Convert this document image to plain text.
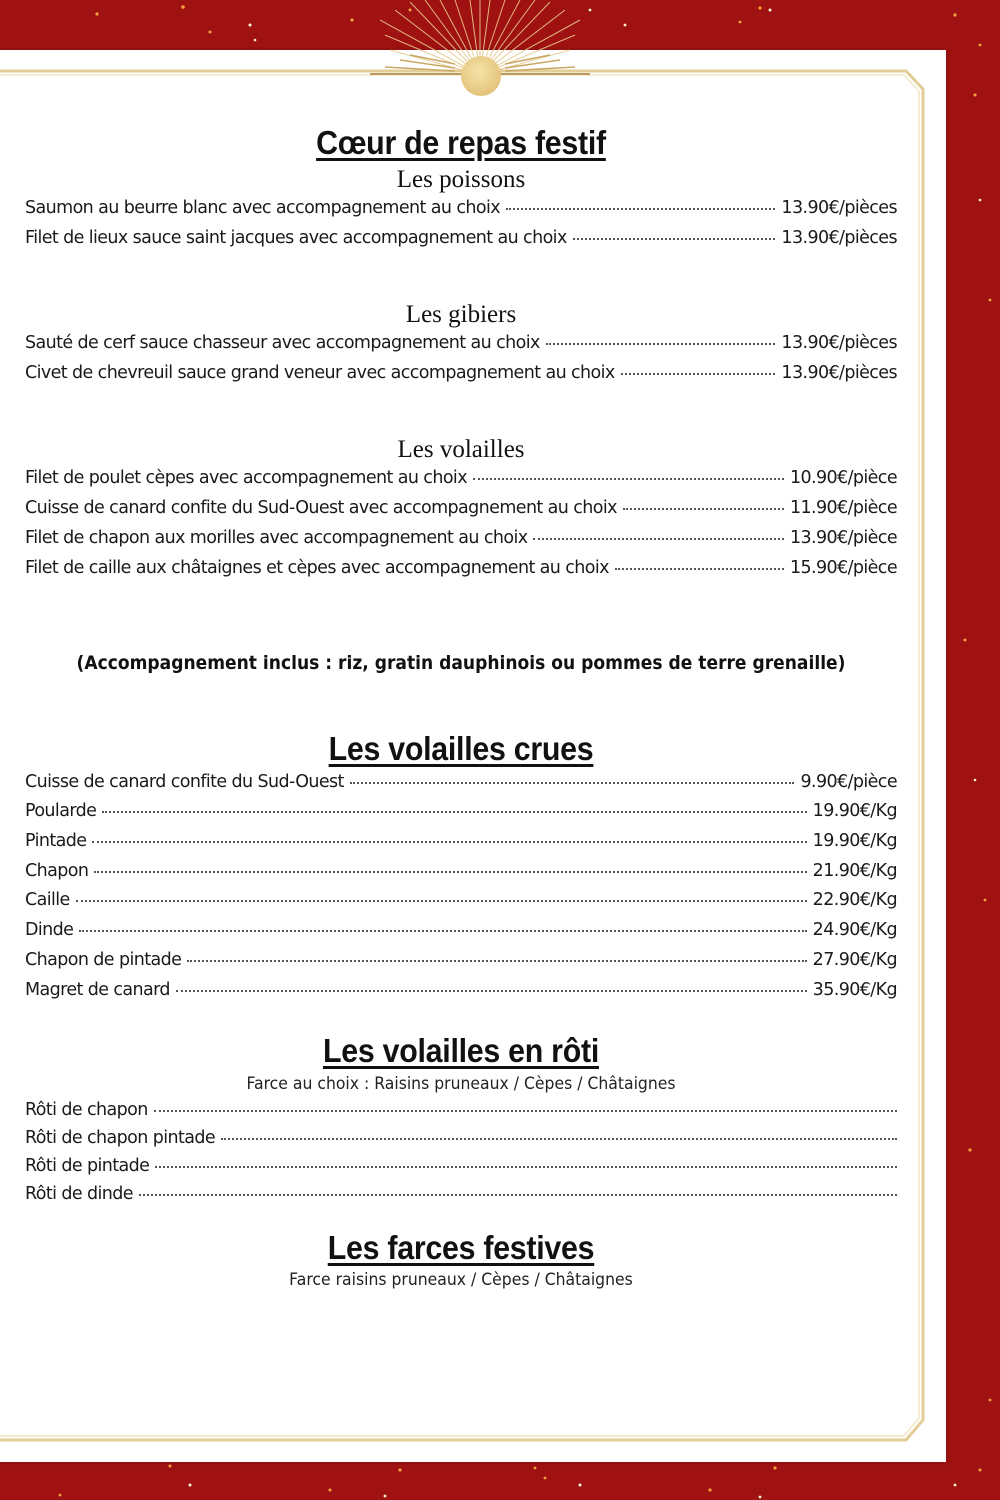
Cœur de repas festif
Les poissons
Saumon au beurre blanc avec accompagnement au choix	13.90€/pièces
Filet de lieux sauce saint jacques avec accompagnement au choix	13.90€/pièces
Les gibiers
Sauté de cerf sauce chasseur avec accompagnement au choix	13.90€/pièces
Civet de chevreuil sauce grand veneur avec accompagnement au choix	13.90€/pièces
Les volailles
Filet de poulet cèpes avec accompagnement au choix	10.90€/pièce
Cuisse de canard confite du Sud-Ouest avec accompagnement au choix	11.90€/pièce
Filet de chapon aux morilles avec accompagnement au choix	13.90€/pièce
Filet de caille aux châtaignes et cèpes avec accompagnement au choix	15.90€/pièce
(Accompagnement inclus : riz, gratin dauphinois ou pommes de terre grenaille)
Les volailles crues
Cuisse de canard confite du Sud-Ouest	9.90€/pièce
Poularde	19.90€/Kg
Pintade	19.90€/Kg
Chapon	21.90€/Kg
Caille	22.90€/Kg
Dinde	24.90€/Kg
Chapon de pintade	27.90€/Kg
Magret de canard	35.90€/Kg
Les volailles en rôti
Farce au choix : Raisins pruneaux / Cèpes / Châtaignes
Rôti de chapon
Rôti de chapon pintade
Rôti de pintade
Rôti de dinde
Les farces festives
Farce raisins pruneaux / Cèpes / Châtaignes
